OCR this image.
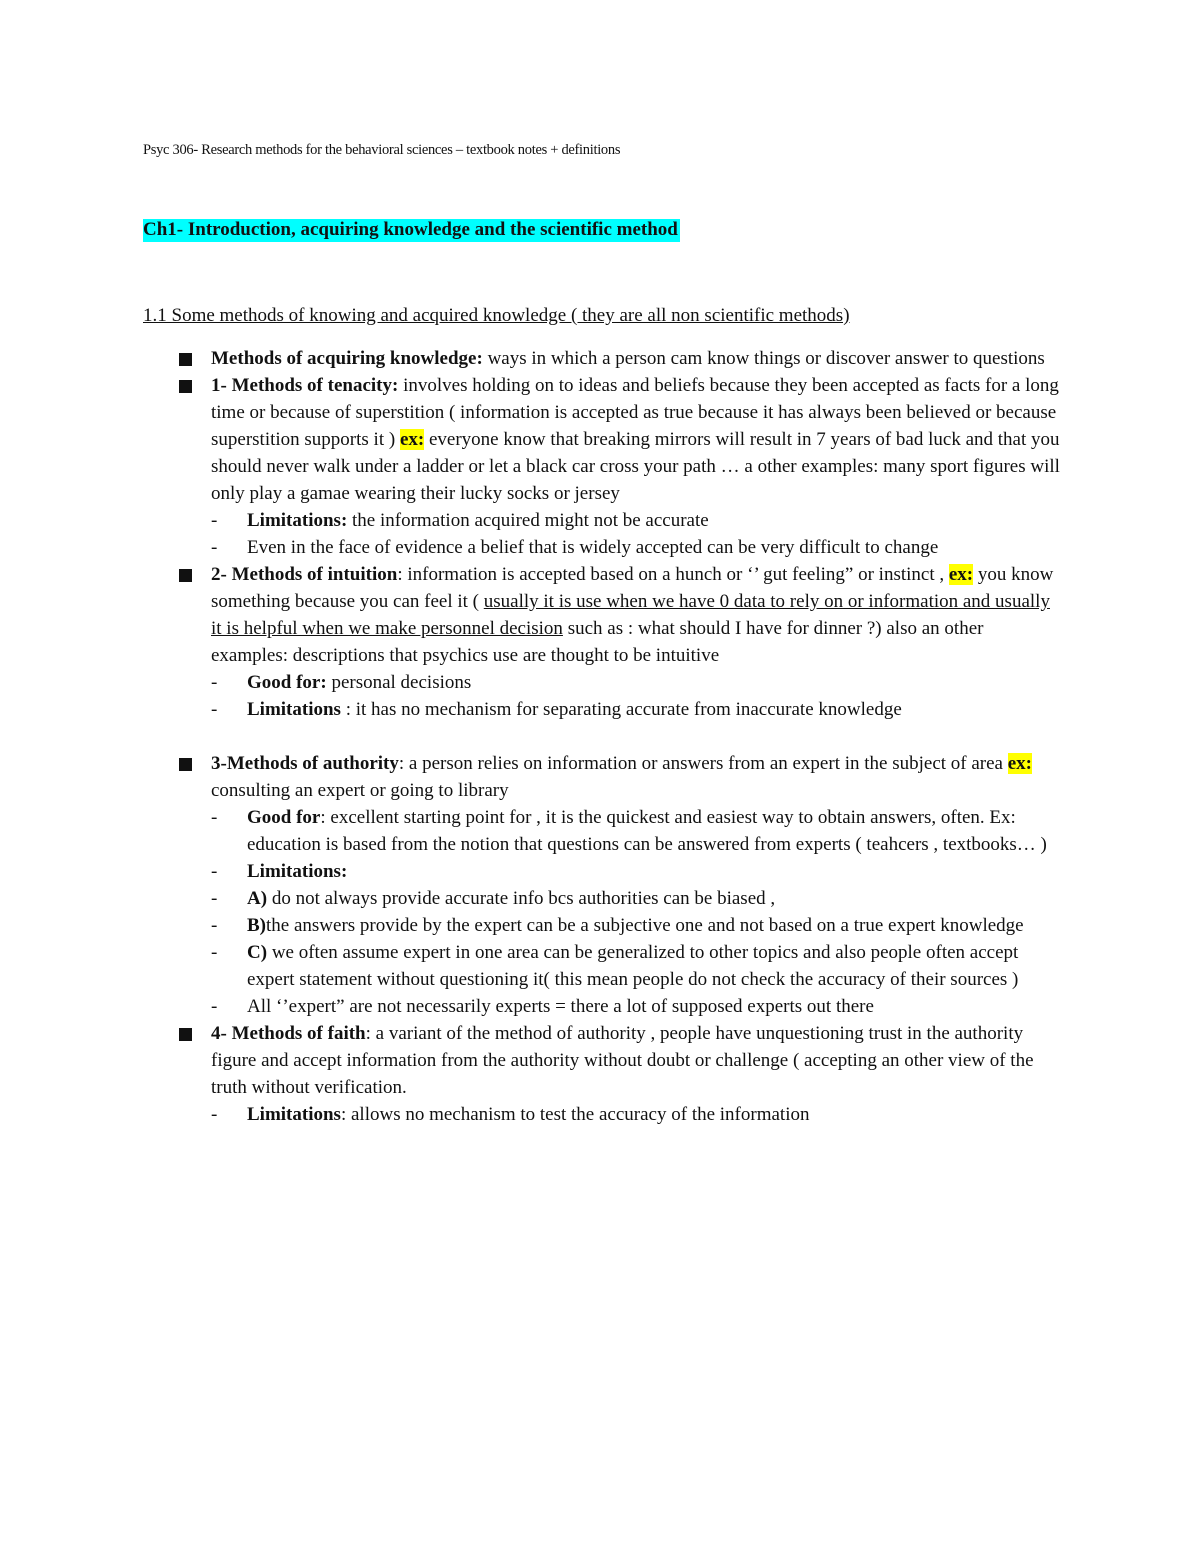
Psyc 306- Research methods for the behavioral sciences – textbook notes + definitions
Ch1- Introduction, acquiring knowledge and the scientific method
1.1 Some methods of knowing and acquired knowledge ( they are all non scientific methods)
Methods of acquiring knowledge: ways in which a person cam know things or discover answer to questions
1- Methods of tenacity: involves holding on to ideas and beliefs because they been accepted as facts for a long time or because of superstition ( information is accepted as true because it has always been believed or because superstition supports it ) ex: everyone know that breaking mirrors will result in 7 years of bad luck and that you should never walk under a ladder or let a black car cross your path … a other examples: many sport figures will only play a gamae wearing their lucky socks or jersey
- Limitations: the information acquired might not be accurate
- Even in the face of evidence a belief that is widely accepted can be very difficult to change
2- Methods of intuition: information is accepted based on a hunch or ‘’ gut feeling” or instinct , ex: you know something because you can feel it ( usually it is use when we have 0 data to rely on or information and usually it is helpful when we make personnel decision such as : what should I have for dinner ?) also an other examples: descriptions that psychics use are thought to be intuitive
- Good for: personal decisions
- Limitations : it has no mechanism for separating accurate from inaccurate knowledge
3-Methods of authority: a person relies on information or answers from an expert in the subject of area ex: consulting an expert or going to library
- Good for: excellent starting point for , it is the quickest and easiest way to obtain answers, often. Ex: education is based from the notion that questions can be answered from experts ( teahcers , textbooks… )
- Limitations:
- A) do not always provide accurate info bcs authorities can be biased ,
- B)the answers provide by the expert can be a subjective one and not based on a true expert knowledge
- C) we often assume expert in one area can be generalized to other topics and also people often accept expert statement without questioning it( this mean people do not check the accuracy of their sources )
- All ‘’expert” are not necessarily experts = there a lot of supposed experts out there
4- Methods of faith: a variant of the method of authority , people have unquestioning trust in the authority figure and accept information from the authority without doubt or challenge ( accepting an other view of the truth without verification.
- Limitations: allows no mechanism to test the accuracy of the information
